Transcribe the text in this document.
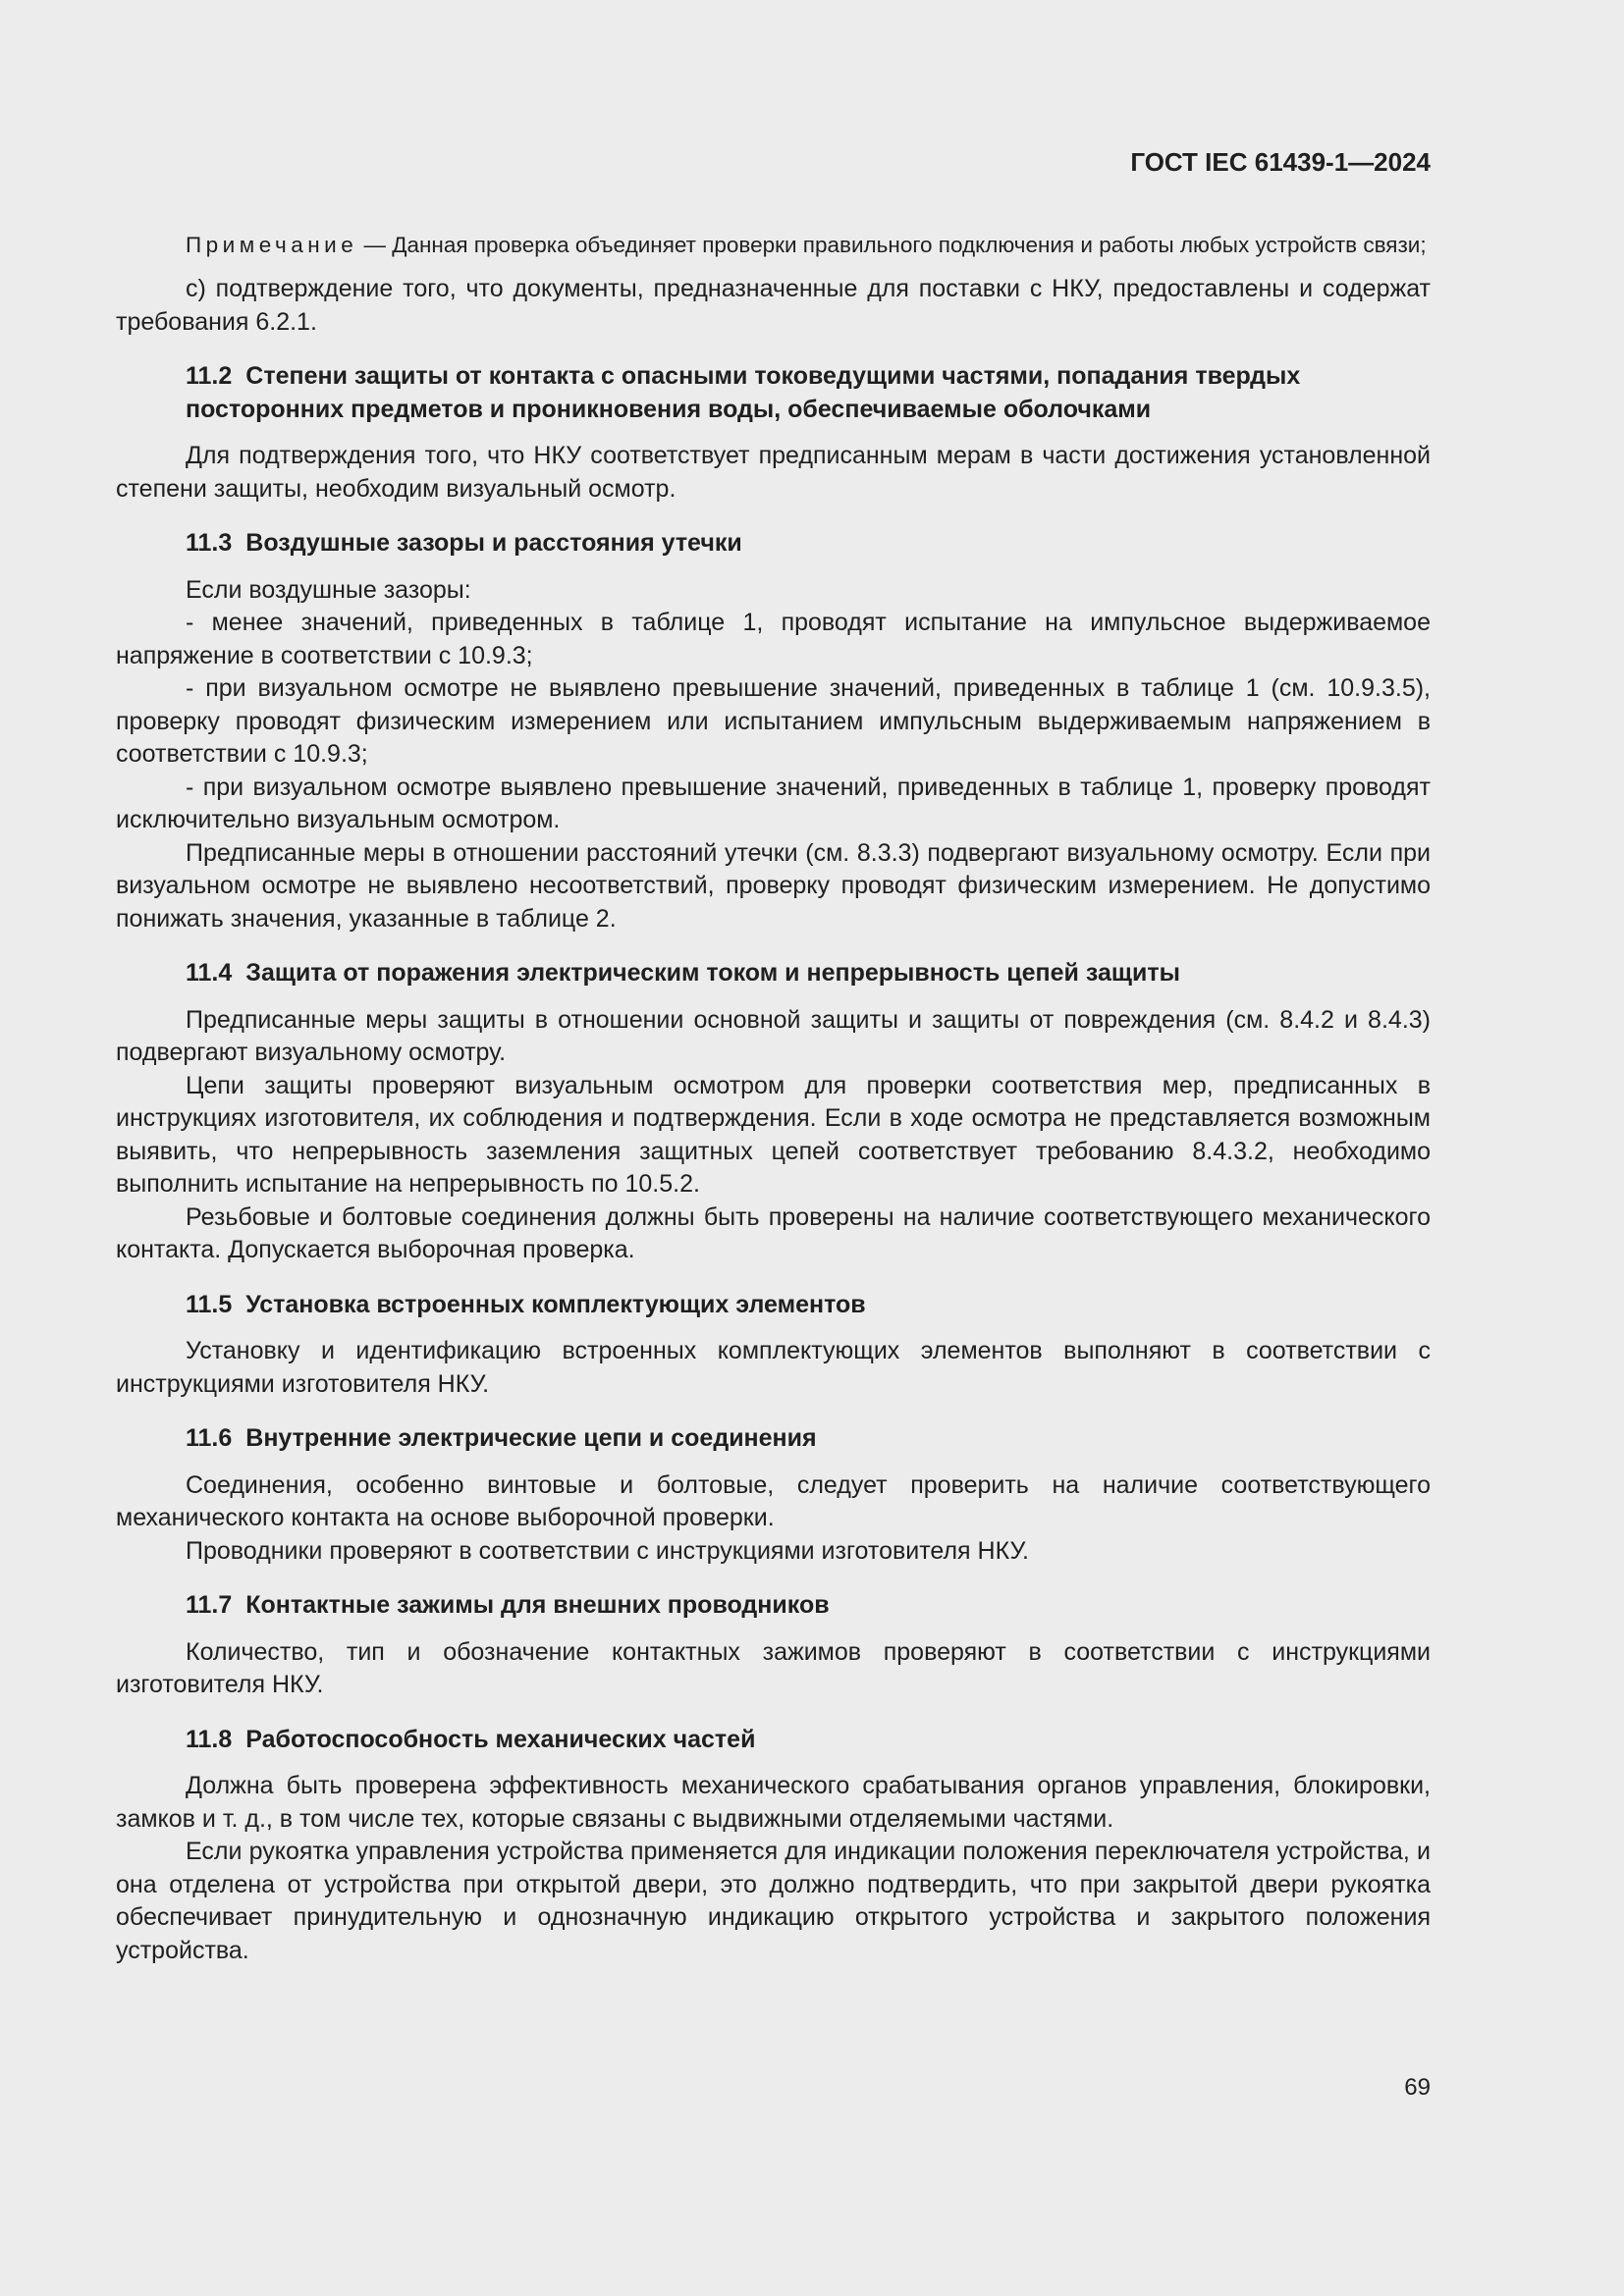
ГОСТ IEC 61439-1—2024
Примечание — Данная проверка объединяет проверки правильного подключения и работы любых устройств связи;

c) подтверждение того, что документы, предназначенные для поставки с НКУ, предоставлены и содержат требования 6.2.1.

11.2 Степени защиты от контакта с опасными токоведущими частями, попадания твердых посторонних предметов и проникновения воды, обеспечиваемые оболочками

Для подтверждения того, что НКУ соответствует предписанным мерам в части достижения установленной степени защиты, необходим визуальный осмотр.

11.3 Воздушные зазоры и расстояния утечки

Если воздушные зазоры:

- менее значений, приведенных в таблице 1, проводят испытание на импульсное выдерживаемое напряжение в соответствии с 10.9.3;

- при визуальном осмотре не выявлено превышение значений, приведенных в таблице 1 (см. 10.9.3.5), проверку проводят физическим измерением или испытанием импульсным выдерживаемым напряжением в соответствии с 10.9.3;

- при визуальном осмотре выявлено превышение значений, приведенных в таблице 1, проверку проводят исключительно визуальным осмотром.

Предписанные меры в отношении расстояний утечки (см. 8.3.3) подвергают визуальному осмотру. Если при визуальном осмотре не выявлено несоответствий, проверку проводят физическим измерением. Не допустимо понижать значения, указанные в таблице 2.

11.4 Защита от поражения электрическим током и непрерывность цепей защиты

Предписанные меры защиты в отношении основной защиты и защиты от повреждения (см. 8.4.2 и 8.4.3) подвергают визуальному осмотру.

Цепи защиты проверяют визуальным осмотром для проверки соответствия мер, предписанных в инструкциях изготовителя, их соблюдения и подтверждения. Если в ходе осмотра не представляется возможным выявить, что непрерывность заземления защитных цепей соответствует требованию 8.4.3.2, необходимо выполнить испытание на непрерывность по 10.5.2.

Резьбовые и болтовые соединения должны быть проверены на наличие соответствующего механического контакта. Допускается выборочная проверка.

11.5 Установка встроенных комплектующих элементов

Установку и идентификацию встроенных комплектующих элементов выполняют в соответствии с инструкциями изготовителя НКУ.

11.6 Внутренние электрические цепи и соединения

Соединения, особенно винтовые и болтовые, следует проверить на наличие соответствующего механического контакта на основе выборочной проверки.

Проводники проверяют в соответствии с инструкциями изготовителя НКУ.

11.7 Контактные зажимы для внешних проводников

Количество, тип и обозначение контактных зажимов проверяют в соответствии с инструкциями изготовителя НКУ.

11.8 Работоспособность механических частей

Должна быть проверена эффективность механического срабатывания органов управления, блокировки, замков и т. д., в том числе тех, которые связаны с выдвижными отделяемыми частями.

Если рукоятка управления устройства применяется для индикации положения переключателя устройства, и она отделена от устройства при открытой двери, это должно подтвердить, что при закрытой двери рукоятка обеспечивает принудительную и однозначную индикацию открытого устройства и закрытого положения устройства.

69
